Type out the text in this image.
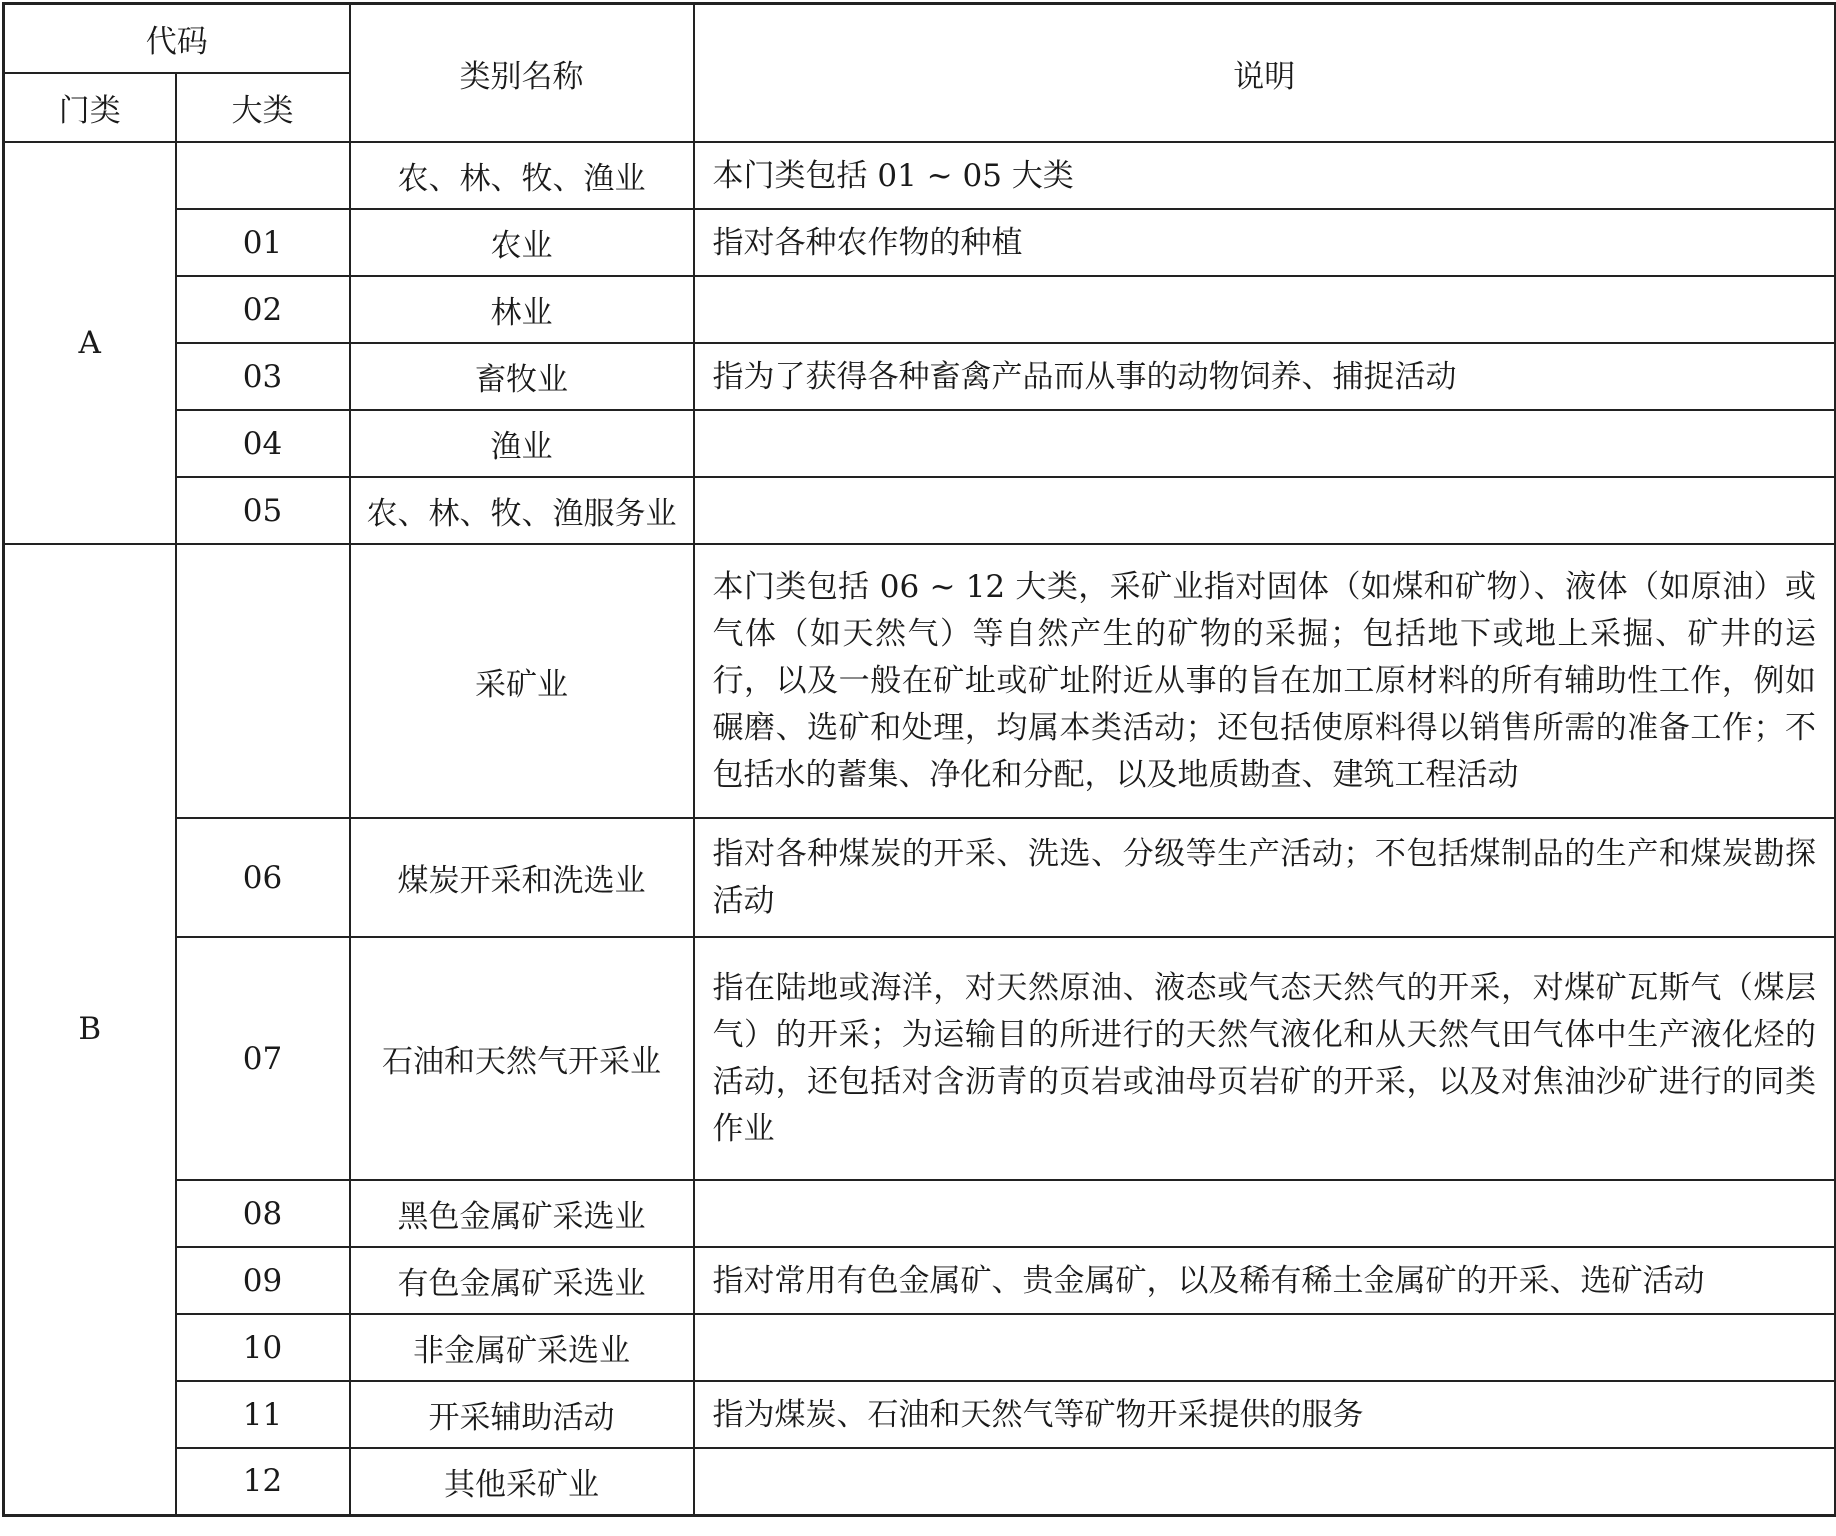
代码		类别名称	说明
门类	大类		
A		农、林、牧、渔业	本门类包括 01 ~ 05 大类
	01	农业	指对各种农作物的种植
	02	林业	
	03	畜牧业	指为了获得各种畜禽产品而从事的动物饲养、捕捉活动
	04	渔业	
	05	农、林、牧、渔服务业	
B		采矿业	本门类包括 06 ~ 12 大类，采矿业指对固体（如煤和矿物）、液体（如原油）或气体（如天然气）等自然产生的矿物的采掘；包括地下或地上采掘、矿井的运行，以及一般在矿址或矿址附近从事的旨在加工原材料的所有辅助性工作，例如碾磨、选矿和处理，均属本类活动；还包括使原料得以销售所需的准备工作；不包括水的蓄集、净化和分配，以及地质勘查、建筑工程活动
	06	煤炭开采和洗选业	指对各种煤炭的开采、洗选、分级等生产活动；不包括煤制品的生产和煤炭勘探活动
	07	石油和天然气开采业	指在陆地或海洋，对天然原油、液态或气态天然气的开采，对煤矿瓦斯气（煤层气）的开采；为运输目的所进行的天然气液化和从天然气田气体中生产液化烃的活动，还包括对含沥青的页岩或油母页岩矿的开采，以及对焦油沙矿进行的同类作业
	08	黑色金属矿采选业	
	09	有色金属矿采选业	指对常用有色金属矿、贵金属矿，以及稀有稀土金属矿的开采、选矿活动
	10	非金属矿采选业	
	11	开采辅助活动	指为煤炭、石油和天然气等矿物开采提供的服务
	12	其他采矿业	
